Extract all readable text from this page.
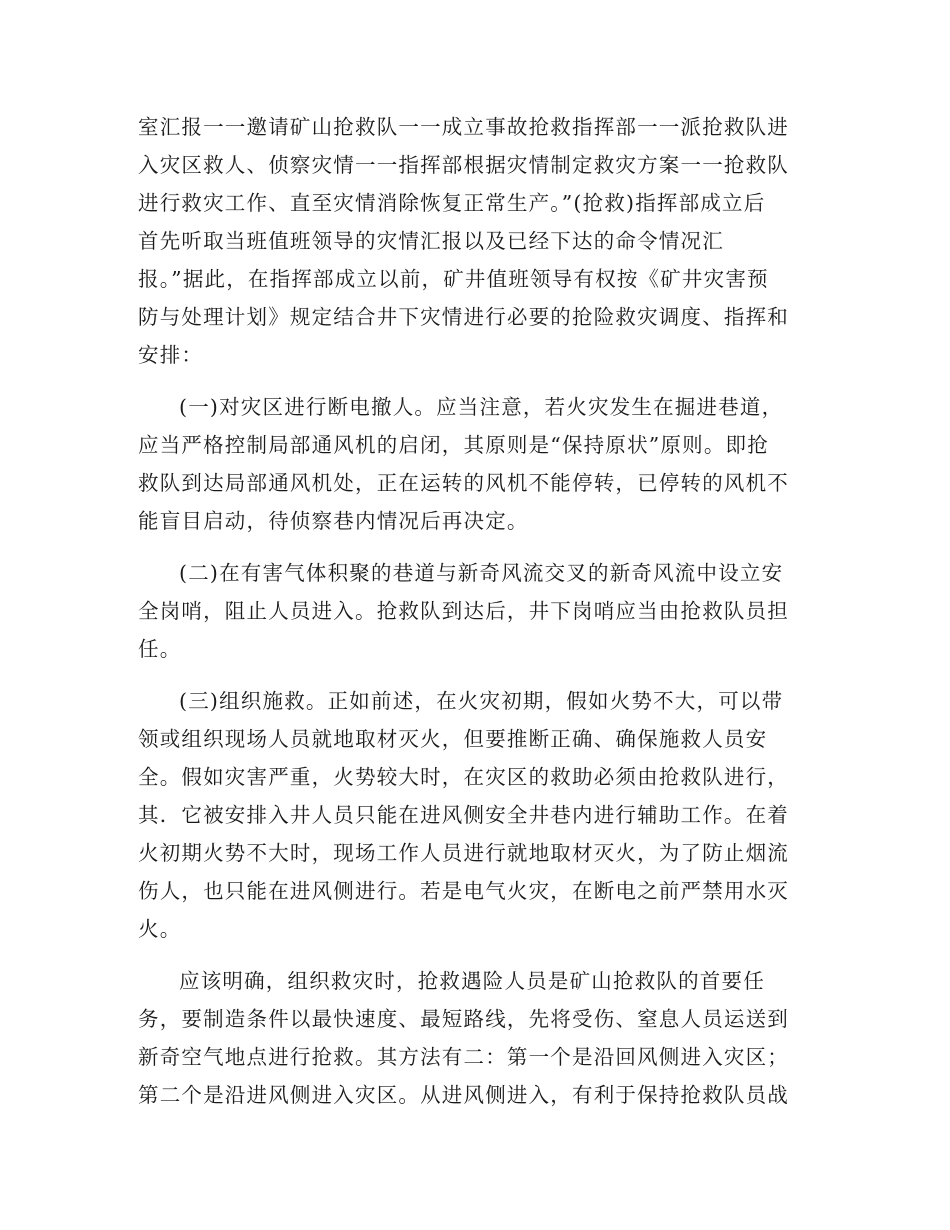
室汇报一一邀请矿山抢救队一一成立事故抢救指挥部一一派抢救队进
入灾区救人、侦察灾情一一指挥部根据灾情制定救灾方案一一抢救队
进行救灾工作、直至灾情消除恢复正常生产。”(抢救)指挥部成立后
首先听取当班值班领导的灾情汇报以及已经下达的命令情况汇
报。”据此，在指挥部成立以前，矿井值班领导有权按《矿井灾害预
防与处理计划》规定结合井下灾情进行必要的抢险救灾调度、指挥和
安排：

(一)对灾区进行断电撤人。应当注意，若火灾发生在掘进巷道，
应当严格控制局部通风机的启闭，其原则是“保持原状”原则。即抢
救队到达局部通风机处，正在运转的风机不能停转，已停转的风机不
能盲目启动，待侦察巷内情况后再决定。

(二)在有害气体积聚的巷道与新奇风流交叉的新奇风流中设立安
全岗哨，阻止人员进入。抢救队到达后，井下岗哨应当由抢救队员担
任。

(三)组织施救。正如前述，在火灾初期，假如火势不大，可以带
领或组织现场人员就地取材灭火，但要推断正确、确保施救人员安
全。假如灾害严重，火势较大时，在灾区的救助必须由抢救队进行，
其．它被安排入井人员只能在进风侧安全井巷内进行辅助工作。在着
火初期火势不大时，现场工作人员进行就地取材灭火，为了防止烟流
伤人，也只能在进风侧进行。若是电气火灾，在断电之前严禁用水灭
火。

应该明确，组织救灾时，抢救遇险人员是矿山抢救队的首要任
务，要制造条件以最快速度、最短路线，先将受伤、窒息人员运送到
新奇空气地点进行抢救。其方法有二：第一个是沿回风侧进入灾区；
第二个是沿进风侧进入灾区。从进风侧进入，有利于保持抢救队员战
